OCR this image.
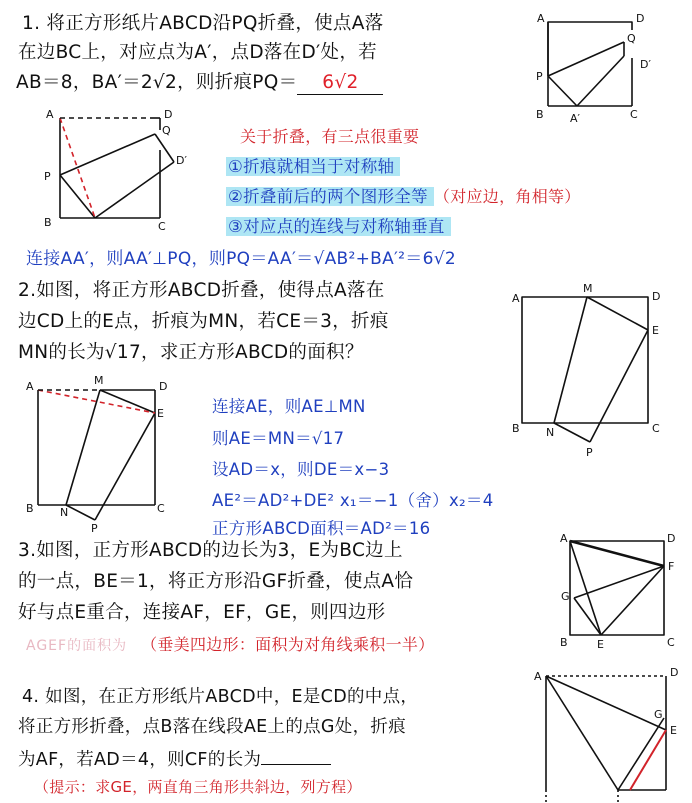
1. 将正方形纸片ABCD沿PQ折叠，使点A落
在边BC上，对应点为A′，点D落在D′处，若
AB＝8，BA′＝2√2，则折痕PQ＝ 6√2
关于折叠，有三点很重要
①折痕就相当于对称轴
②折叠前后的两个图形全等 （对应边，角相等）
③对应点的连线与对称轴垂直
连接AA′，则AA′⊥PQ，则PQ＝AA′＝√AB²+BA′²＝6√2
2.如图，将正方形ABCD折叠，使得点A落在
边CD上的E点，折痕为MN，若CE＝3，折痕
MN的长为√17，求正方形ABCD的面积？
连接AE，则AE⊥MN
则AE＝MN＝√17
设AD＝x，则DE＝x−3
AE²＝AD²+DE² x₁＝−1（舍）x₂＝4
正方形ABCD面积＝AD²＝16
3.如图，正方形ABCD的边长为3，E为BC边上
的一点，BE＝1，将正方形沿GF折叠，使点A恰
好与点E重合，连接AF，EF，GE，则四边形
AGEF的面积为 （垂美四边形：面积为对角线乘积一半）
4. 如图，在正方形纸片ABCD中，E是CD的中点，
将正方形折叠，点B落在线段AE上的点G处，折痕
为AF，若AD＝4，则CF的长为
（提示：求GE，两直角三角形共斜边，列方程）
A	D
Q
D′
P
B A′	C
A	D
Q
D′
P
B	C
A
M
D
E
B N	C
P
A	M	D
E
B N	C
P
A	D
F
G
B	E	C
A	D
G
E
